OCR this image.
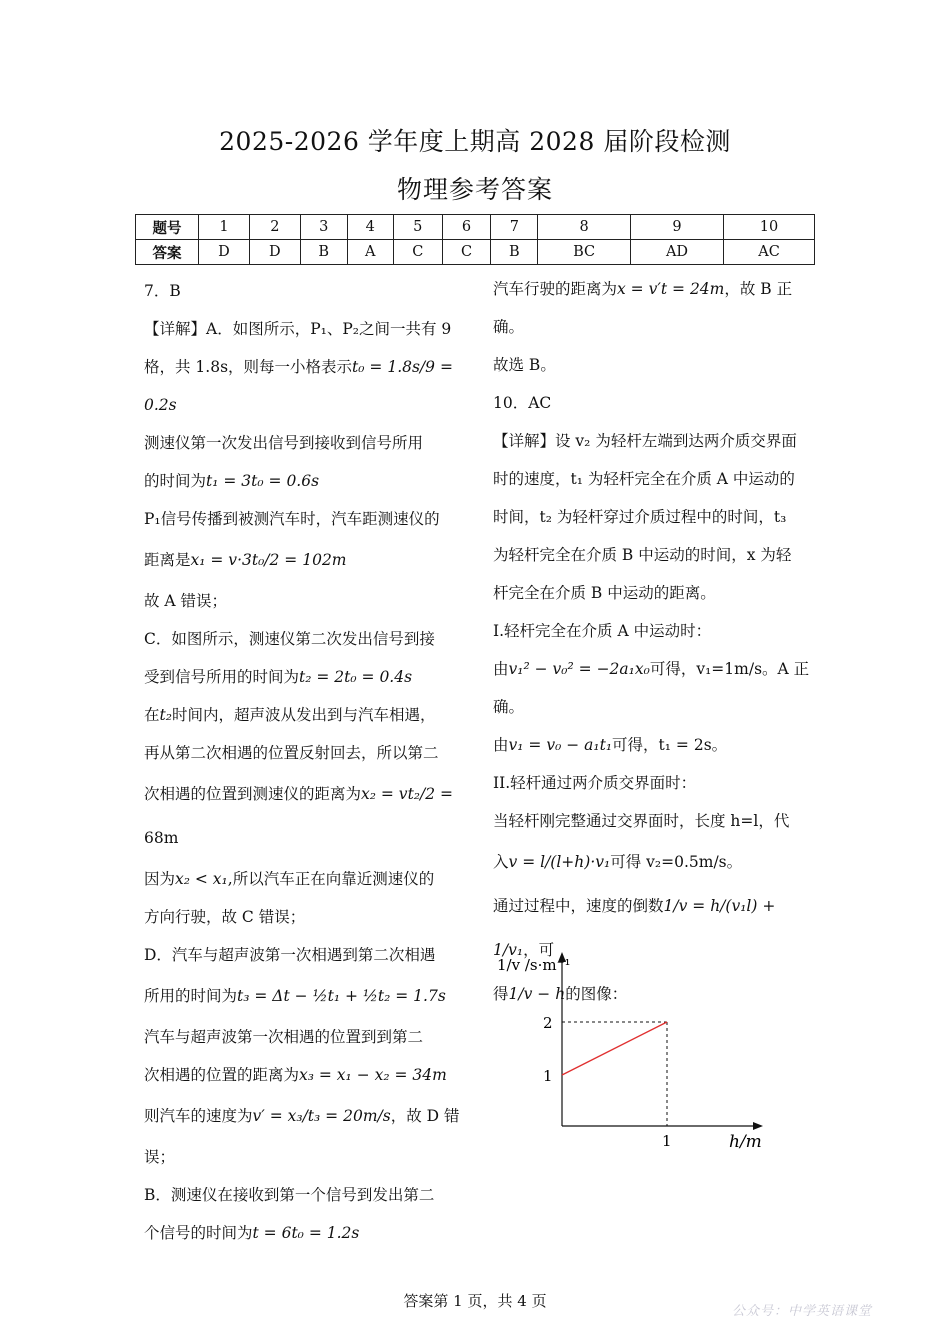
2025-2026 学年度上期高 2028 届阶段检测
物理参考答案
题号	1	2	3	4	5	6	7	8	9	10
答案	D	D	B	A	C	C	B	BC	AD	AC

7．B

【详解】A．如图所示，P₁、P₂之间一共有 9

格，共 1.8s，则每一小格表示t₀ = 1.8s/9 = 0.2s

测速仪第一次发出信号到接收到信号所用

的时间为t₁ = 3t₀ = 0.6s

P₁信号传播到被测汽车时，汽车距测速仪的

距离是x₁ = v·3t₀/2 = 102m

故 A 错误；

C．如图所示，测速仪第二次发出信号到接

受到信号所用的时间为t₂ = 2t₀ = 0.4s

在t₂时间内，超声波从发出到与汽车相遇，

再从第二次相遇的位置反射回去，所以第二

次相遇的位置到测速仪的距离为x₂ = vt₂/2 =

68m

因为x₂ < x₁,所以汽车正在向靠近测速仪的

方向行驶，故 C 错误；

D．汽车与超声波第一次相遇到第二次相遇

所用的时间为t₃ = Δt − ½t₁ + ½t₂ = 1.7s

汽车与超声波第一次相遇的位置到到第二

次相遇的位置的距离为x₃ = x₁ − x₂ = 34m

则汽车的速度为v′ = x₃/t₃ = 20m/s，故 D 错

误；

B．测速仪在接收到第一个信号到发出第二

个信号的时间为t = 6t₀ = 1.2s

汽车行驶的距离为x = v′t = 24m，故 B 正

确。

故选 B。

10．AC

【详解】设 v₂ 为轻杆左端到达两介质交界面

时的速度，t₁ 为轻杆完全在介质 A 中运动的

时间，t₂ 为轻杆穿过介质过程中的时间，t₃

为轻杆完全在介质 B 中运动的时间，x 为轻

杆完全在介质 B 中运动的距离。

I.轻杆完全在介质 A 中运动时：

由v₁² − v₀² = −2a₁x₀可得，v₁=1m/s。A 正确。

由v₁ = v₀ − a₁t₁可得，t₁ = 2s。

II.轻杆通过两介质交界面时：

当轻杆刚完整通过交界面时，长度 h=l，代

入v = l/(l+h)·v₁可得 v₂=0.5m/s。

通过过程中，速度的倒数1/v = h/(v₁l) + 1/v₁，可

得1/v − h的图像：

2
1
1	h/m
1/v /s·m⁻¹
答案第 1 页，共 4 页
公众号：中学英语课堂
